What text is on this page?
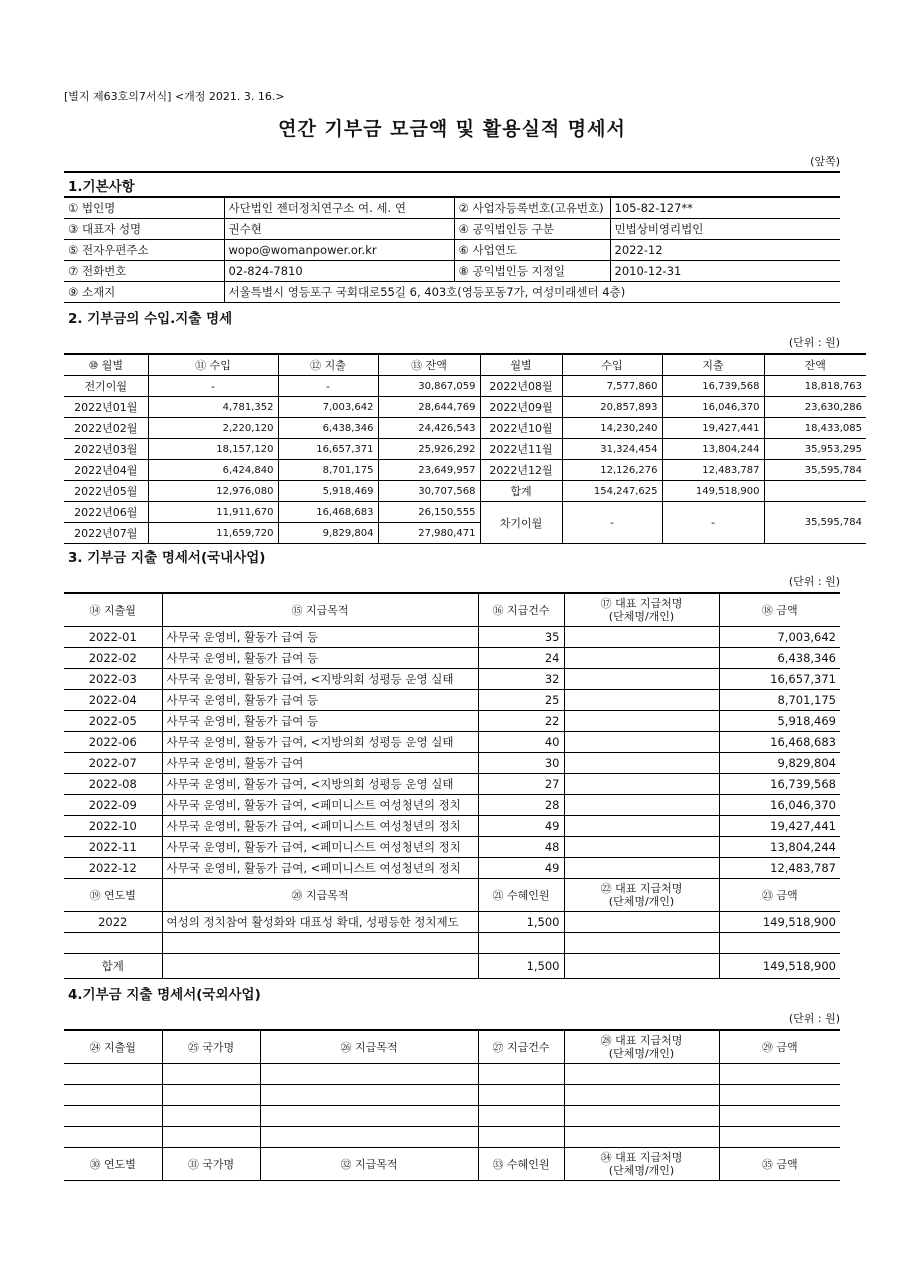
[별지 제63호의7서식] <개정 2021. 3. 16.>
연간 기부금 모금액 및 활용실적 명세서
(앞쪽)
1.기본사항
① 법인명	사단법인 젠더정치연구소 여. 세. 연	② 사업자등록번호(고유번호)	105-82-127**
③ 대표자 성명	권수현	④ 공익법인등 구분	민법상비영리법인
⑤ 전자우편주소	wopo@womanpower.or.kr	⑥ 사업연도	2022-12
⑦ 전화번호	02-824-7810	⑧ 공익법인등 지정일	2010-12-31
⑨ 소재지	서울특별시 영등포구 국회대로55길 6, 403호(영등포동7가, 여성미래센터 4층)		
2. 기부금의 수입.지출 명세
(단위 : 원)
⑩ 월별	⑪ 수입	⑫ 지출	⑬ 잔액	월별	수입	지출	잔액
전기이월	-	-	30,867,059	2022년08월	7,577,860	16,739,568	18,818,763
2022년01월	4,781,352	7,003,642	28,644,769	2022년09월	20,857,893	16,046,370	23,630,286
2022년02월	2,220,120	6,438,346	24,426,543	2022년10월	14,230,240	19,427,441	18,433,085
2022년03월	18,157,120	16,657,371	25,926,292	2022년11월	31,324,454	13,804,244	35,953,295
2022년04월	6,424,840	8,701,175	23,649,957	2022년12월	12,126,276	12,483,787	35,595,784
2022년05월	12,976,080	5,918,469	30,707,568	합계	154,247,625	149,518,900	
2022년06월	11,911,670	16,468,683	26,150,555	차기이월	-	-	35,595,784
2022년07월	11,659,720	9,829,804	27,980,471				
3. 기부금 지출 명세서(국내사업)
(단위 : 원)
⑭ 지출월	⑮ 지급목적	⑯ 지급건수	⑰ 대표 지급처명
(단체명/개인)	⑱ 금액
2022-01	사무국 운영비, 활동가 급여 등	35		7,003,642
2022-02	사무국 운영비, 활동가 급여 등	24		6,438,346
2022-03	사무국 운영비, 활동가 급여, <지방의회 성평등 운영 실태	32		16,657,371
2022-04	사무국 운영비, 활동가 급여 등	25		8,701,175
2022-05	사무국 운영비, 활동가 급여 등	22		5,918,469
2022-06	사무국 운영비, 활동가 급여, <지방의회 성평등 운영 실태	40		16,468,683
2022-07	사무국 운영비, 활동가 급여	30		9,829,804
2022-08	사무국 운영비, 활동가 급여, <지방의회 성평등 운영 실태	27		16,739,568
2022-09	사무국 운영비, 활동가 급여, <페미니스트 여성청년의 정치	28		16,046,370
2022-10	사무국 운영비, 활동가 급여, <페미니스트 여성청년의 정치	49		19,427,441
2022-11	사무국 운영비, 활동가 급여, <페미니스트 여성청년의 정치	48		13,804,244
2022-12	사무국 운영비, 활동가 급여, <페미니스트 여성청년의 정치	49		12,483,787
⑲ 연도별	⑳ 지급목적	㉑ 수혜인원	㉒ 대표 지급처명
(단체명/개인)	㉓ 금액
2022	여성의 정치참여 활성화와 대표성 확대, 성평등한 정치제도	1,500		149,518,900

합계		1,500		149,518,900
4.기부금 지출 명세서(국외사업)
(단위 : 원)
㉔ 지출월	㉕ 국가명	㉖ 지급목적	㉗ 지급건수	㉘ 대표 지급처명
(단체명/개인)	㉙ 금액

㉚ 연도별	㉛ 국가명	㉜ 지급목적	㉝ 수혜인원	㉞ 대표 지급처명
(단체명/개인)	㉟ 금액
